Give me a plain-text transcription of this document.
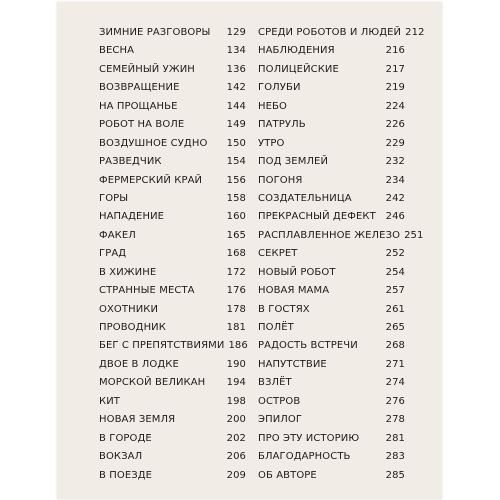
ЗИМНИЕ РАЗГОВОРЫ	129
ВЕСНА	134
СЕМЕЙНЫЙ УЖИН	136
ВОЗВРАЩЕНИЕ	142
НА ПРОЩАНЬЕ	144
РОБОТ НА ВОЛЕ	149
ВОЗДУШНОЕ СУДНО	150
РАЗВЕДЧИК	154
ФЕРМЕРСКИЙ КРАЙ	156
ГОРЫ	158
НАПАДЕНИЕ	160
ФАКЕЛ	165
ГРАД	168
В ХИЖИНЕ	172
СТРАННЫЕ МЕСТА	176
ОХОТНИКИ	178
ПРОВОДНИК	181
БЕГ С ПРЕПЯТСТВИЯМИ 186
ДВОЕ В ЛОДКЕ	190
МОРСКОЙ ВЕЛИКАН	194
КИТ	198
НОВАЯ ЗЕМЛЯ	200
В ГОРОДЕ	202
ВОКЗАЛ	206
В ПОЕЗДЕ	209
СРЕДИ РОБОТОВ И ЛЮДЕЙ 212
НАБЛЮДЕНИЯ	216
ПОЛИЦЕЙСКИЕ	217
ГОЛУБИ	219
НЕБО	224
ПАТРУЛЬ	226
УТРО	229
ПОД ЗЕМЛЕЙ	232
ПОГОНЯ	234
СОЗДАТЕЛЬНИЦА	242
ПРЕКРАСНЫЙ ДЕФЕКТ 246
РАСПЛАВЛЕННОЕ ЖЕЛЕЗО 251
СЕКРЕТ	252
НОВЫЙ РОБОТ	254
НОВАЯ МАМА	257
В ГОСТЯХ	261
ПОЛЁТ	265
РАДОСТЬ ВСТРЕЧИ	268
НАПУТСТВИЕ	271
ВЗЛЁТ	274
ОСТРОВ	276
ЭПИЛОГ	278
ПРО ЭТУ ИСТОРИЮ	281
БЛАГОДАРНОСТЬ	283
ОБ АВТОРЕ	285
